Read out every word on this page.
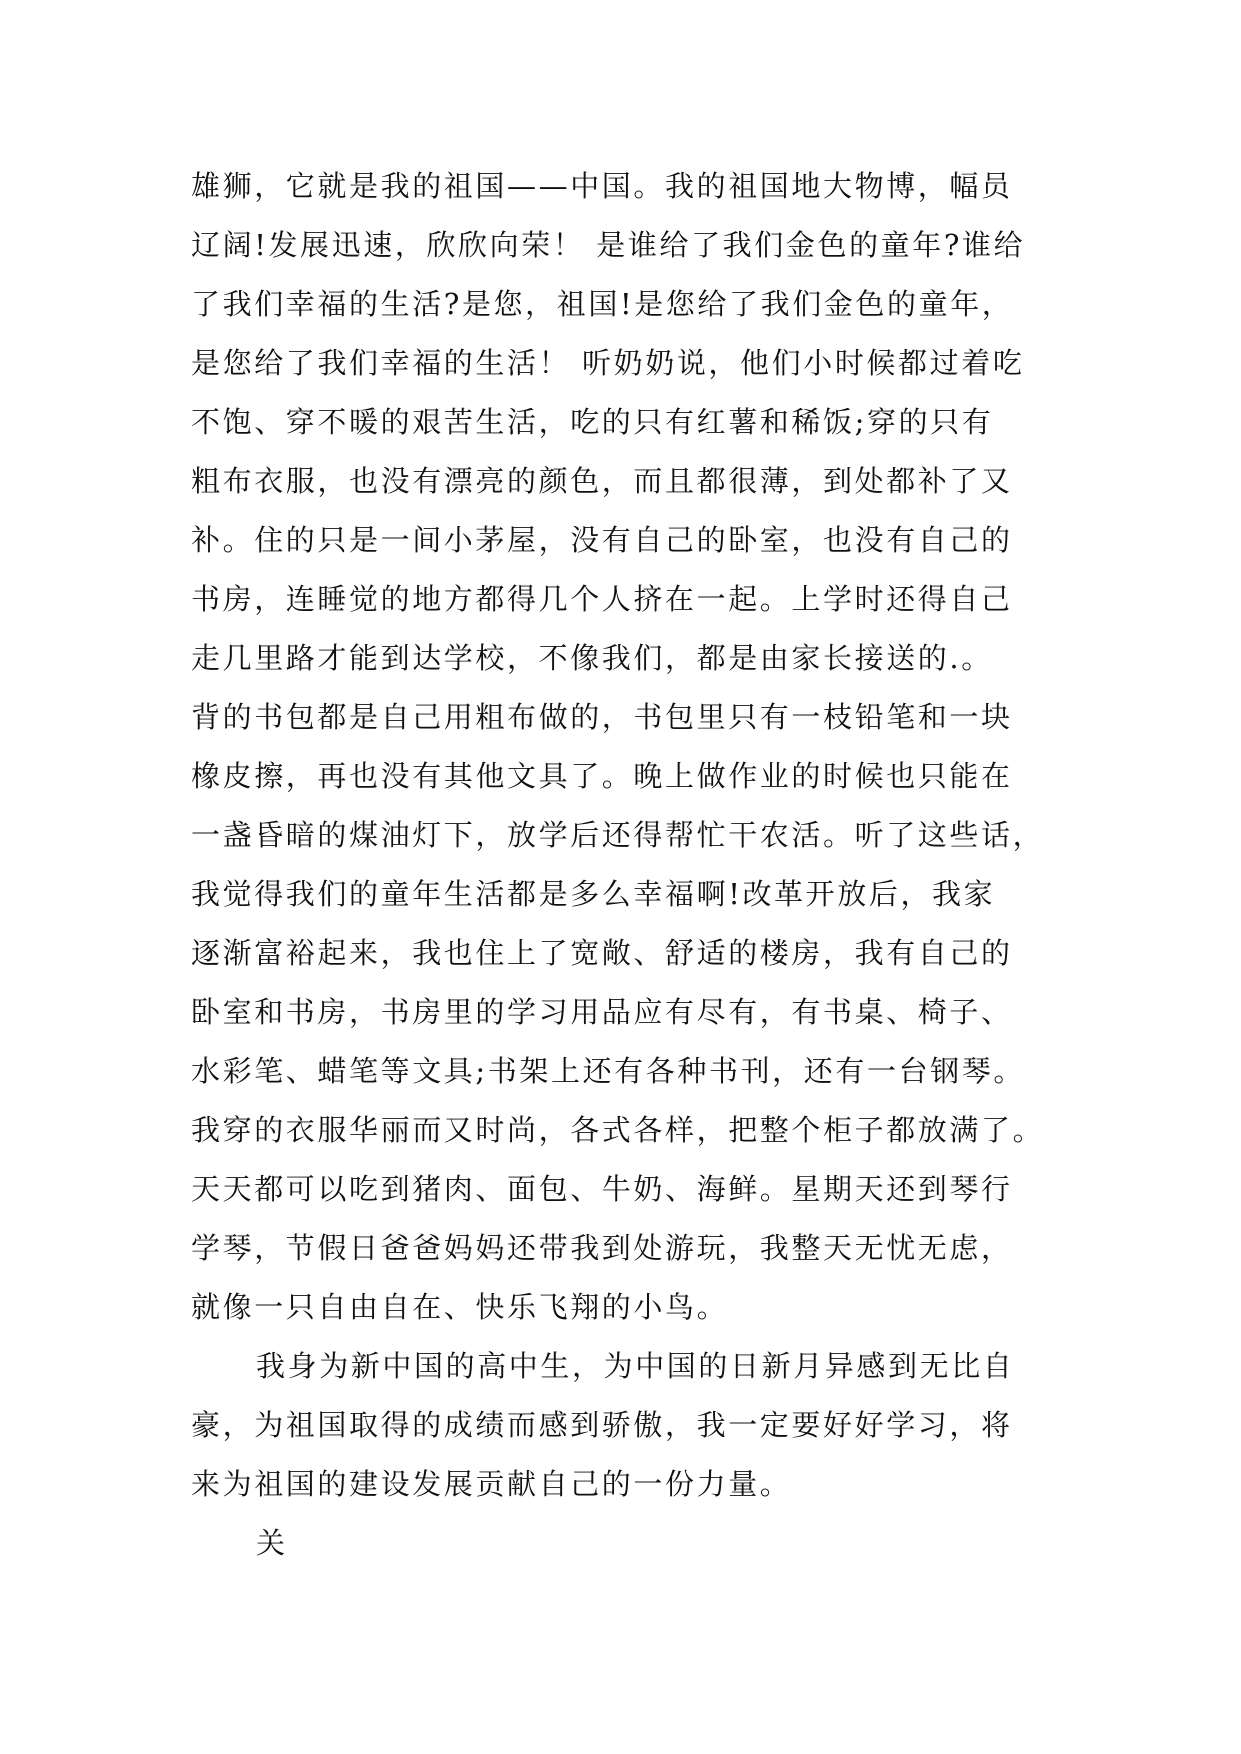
雄狮，它就是我的祖国——中国。我的祖国地大物博，幅员
辽阔!发展迅速，欣欣向荣！ 是谁给了我们金色的童年?谁给
了我们幸福的生活?是您，祖国!是您给了我们金色的童年，
是您给了我们幸福的生活！ 听奶奶说，他们小时候都过着吃
不饱、穿不暖的艰苦生活，吃的只有红薯和稀饭;穿的只有
粗布衣服，也没有漂亮的颜色，而且都很薄，到处都补了又
补。住的只是一间小茅屋，没有自己的卧室，也没有自己的
书房，连睡觉的地方都得几个人挤在一起。上学时还得自己
走几里路才能到达学校，不像我们，都是由家长接送的.。
背的书包都是自己用粗布做的，书包里只有一枝铅笔和一块
橡皮擦，再也没有其他文具了。晚上做作业的时候也只能在
一盏昏暗的煤油灯下，放学后还得帮忙干农活。听了这些话，
我觉得我们的童年生活都是多么幸福啊!改革开放后，我家
逐渐富裕起来，我也住上了宽敞、舒适的楼房，我有自己的
卧室和书房，书房里的学习用品应有尽有，有书桌、椅子、
水彩笔、蜡笔等文具;书架上还有各种书刊，还有一台钢琴。
我穿的衣服华丽而又时尚，各式各样，把整个柜子都放满了。
天天都可以吃到猪肉、面包、牛奶、海鲜。星期天还到琴行
学琴，节假日爸爸妈妈还带我到处游玩，我整天无忧无虑，
就像一只自由自在、快乐飞翔的小鸟。
我身为新中国的高中生，为中国的日新月异感到无比自
豪，为祖国取得的成绩而感到骄傲，我一定要好好学习，将
来为祖国的建设发展贡献自己的一份力量。
关
